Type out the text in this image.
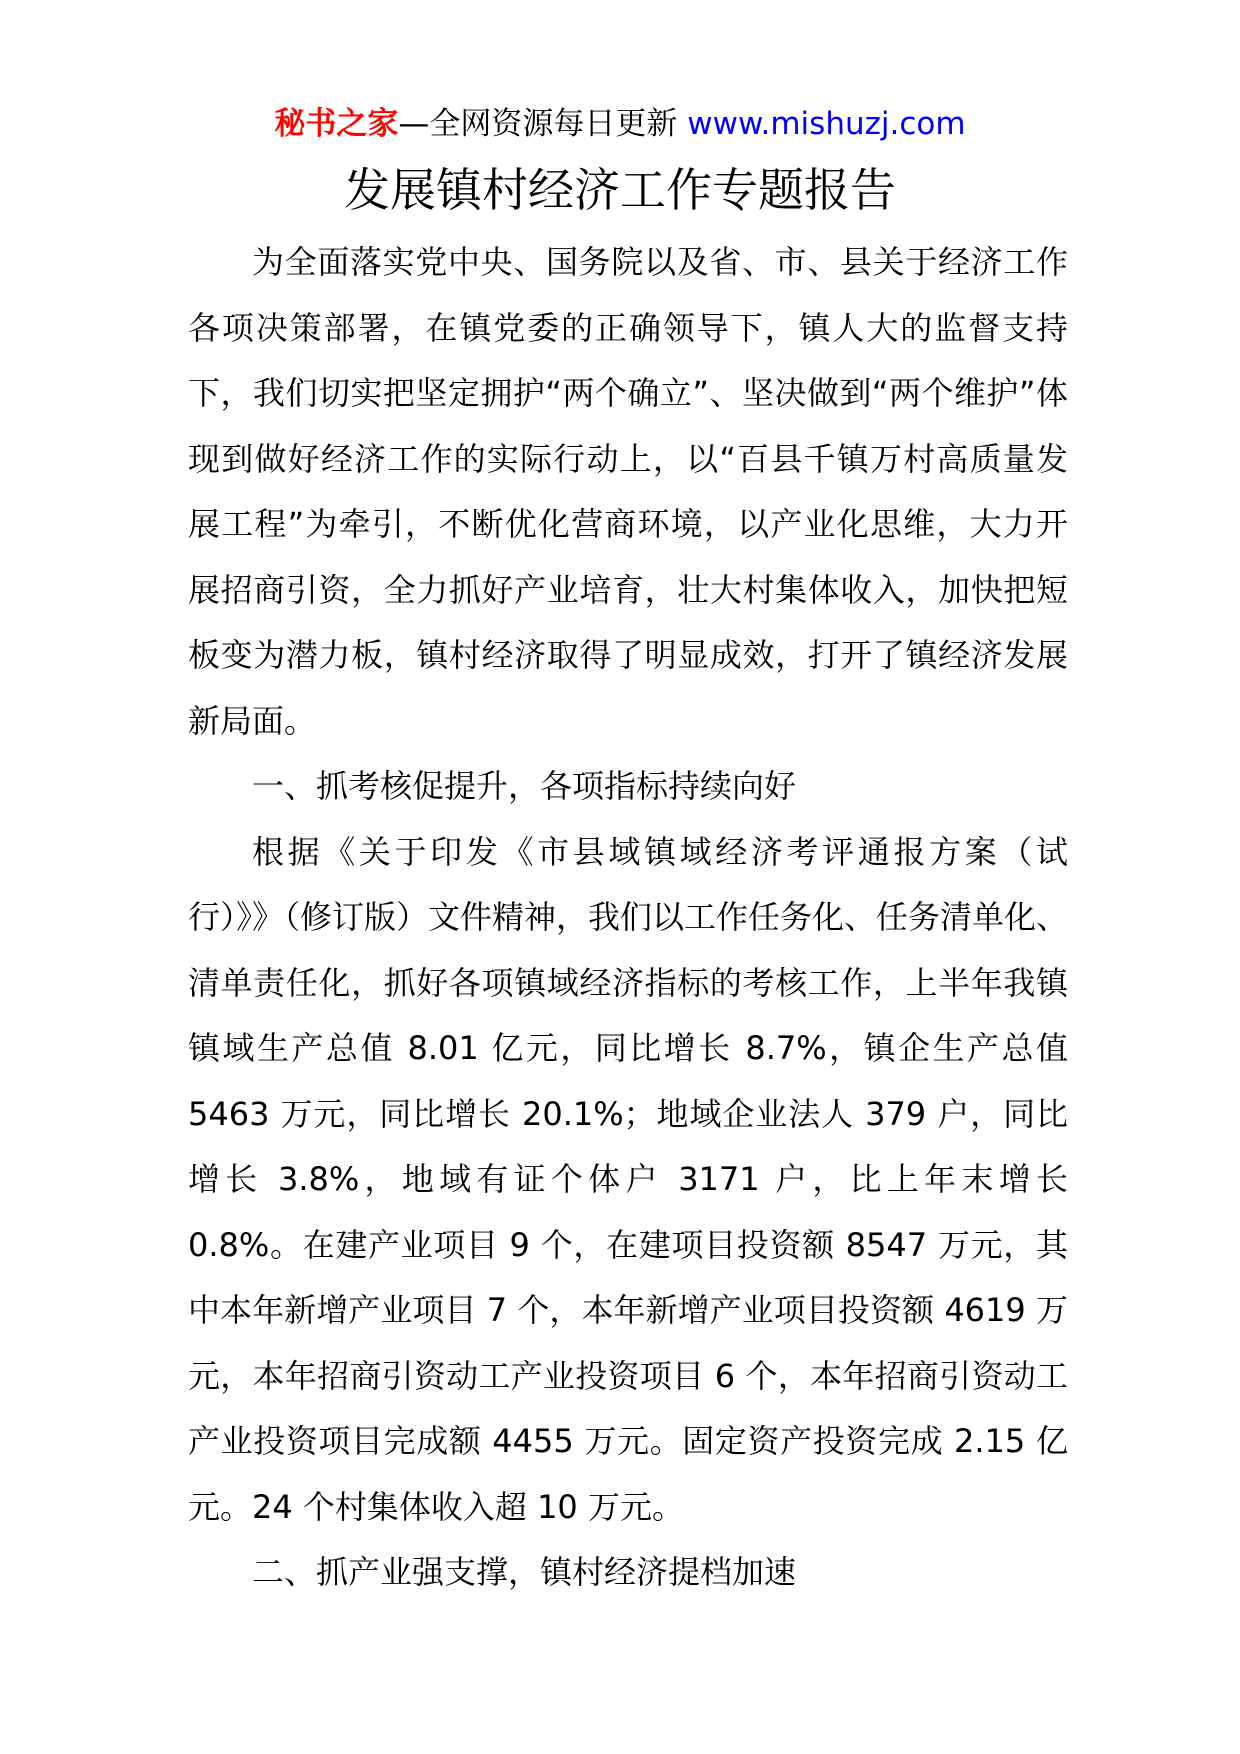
秘书之家—全网资源每日更新 www.mishuzj.com
发展镇村经济工作专题报告

为全面落实党中央、国务院以及省、市、县关于经济工作各项决策部署，在镇党委的正确领导下，镇人大的监督支持下，我们切实把坚定拥护“两个确立”、坚决做到“两个维护”体现到做好经济工作的实际行动上，以“百县千镇万村高质量发展工程”为牵引，不断优化营商环境，以产业化思维，大力开展招商引资，全力抓好产业培育，壮大村集体收入，加快把短板变为潜力板，镇村经济取得了明显成效，打开了镇经济发展新局面。

一、抓考核促提升，各项指标持续向好

根据《关于印发《市县域镇域经济考评通报方案（试行）》》（修订版）文件精神，我们以工作任务化、任务清单化、清单责任化，抓好各项镇域经济指标的考核工作，上半年我镇镇域生产总值 8.01 亿元，同比增长 8.7%，镇企生产总值 5463 万元，同比增长 20.1%；地域企业法人 379 户，同比增长 3.8%，地域有证个体户 3171 户，比上年末增长 0.8%。在建产业项目 9 个，在建项目投资额 8547 万元，其中本年新增产业项目 7 个，本年新增产业项目投资额 4619 万元，本年招商引资动工产业投资项目 6 个，本年招商引资动工产业投资项目完成额 4455 万元。固定资产投资完成 2.15 亿元。24 个村集体收入超 10 万元。

二、抓产业强支撑，镇村经济提档加速
